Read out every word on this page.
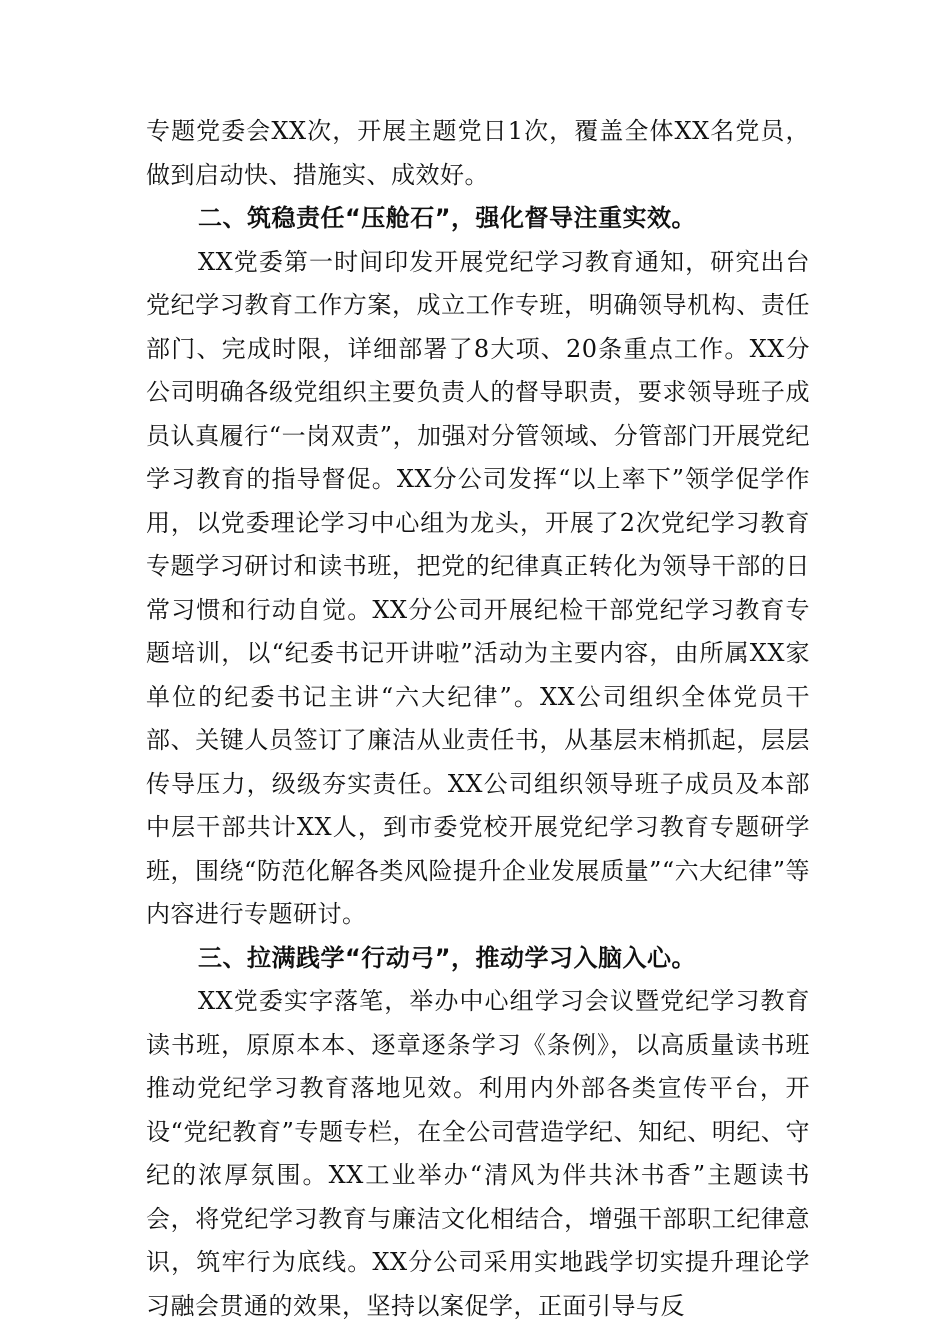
专题党委会XX次，开展主题党日1次，覆盖全体XX名党员，做到启动快、措施实、成效好。

二、筑稳责任“压舱石”，强化督导注重实效。

XX党委第一时间印发开展党纪学习教育通知，研究出台党纪学习教育工作方案，成立工作专班，明确领导机构、责任部门、完成时限，详细部署了8大项、20条重点工作。XX分公司明确各级党组织主要负责人的督导职责，要求领导班子成员认真履行“一岗双责”，加强对分管领域、分管部门开展党纪学习教育的指导督促。XX分公司发挥“以上率下”领学促学作用，以党委理论学习中心组为龙头，开展了2次党纪学习教育专题学习研讨和读书班，把党的纪律真正转化为领导干部的日常习惯和行动自觉。XX分公司开展纪检干部党纪学习教育专题培训，以“纪委书记开讲啦”活动为主要内容，由所属XX家单位的纪委书记主讲“六大纪律”。XX公司组织全体党员干部、关键人员签订了廉洁从业责任书，从基层末梢抓起，层层传导压力，级级夯实责任。XX公司组织领导班子成员及本部中层干部共计XX人，到市委党校开展党纪学习教育专题研学班，围绕“防范化解各类风险提升企业发展质量”“六大纪律”等内容进行专题研讨。

三、拉满践学“行动弓”，推动学习入脑入心。

XX党委实字落笔，举办中心组学习会议暨党纪学习教育读书班，原原本本、逐章逐条学习《条例》，以高质量读书班推动党纪学习教育落地见效。利用内外部各类宣传平台，开设“党纪教育”专题专栏，在全公司营造学纪、知纪、明纪、守纪的浓厚氛围。XX工业举办“清风为伴共沐书香”主题读书会，将党纪学习教育与廉洁文化相结合，增强干部职工纪律意识，筑牢行为底线。XX分公司采用实地践学切实提升理论学习融会贯通的效果，坚持以案促学，正面引导与反
